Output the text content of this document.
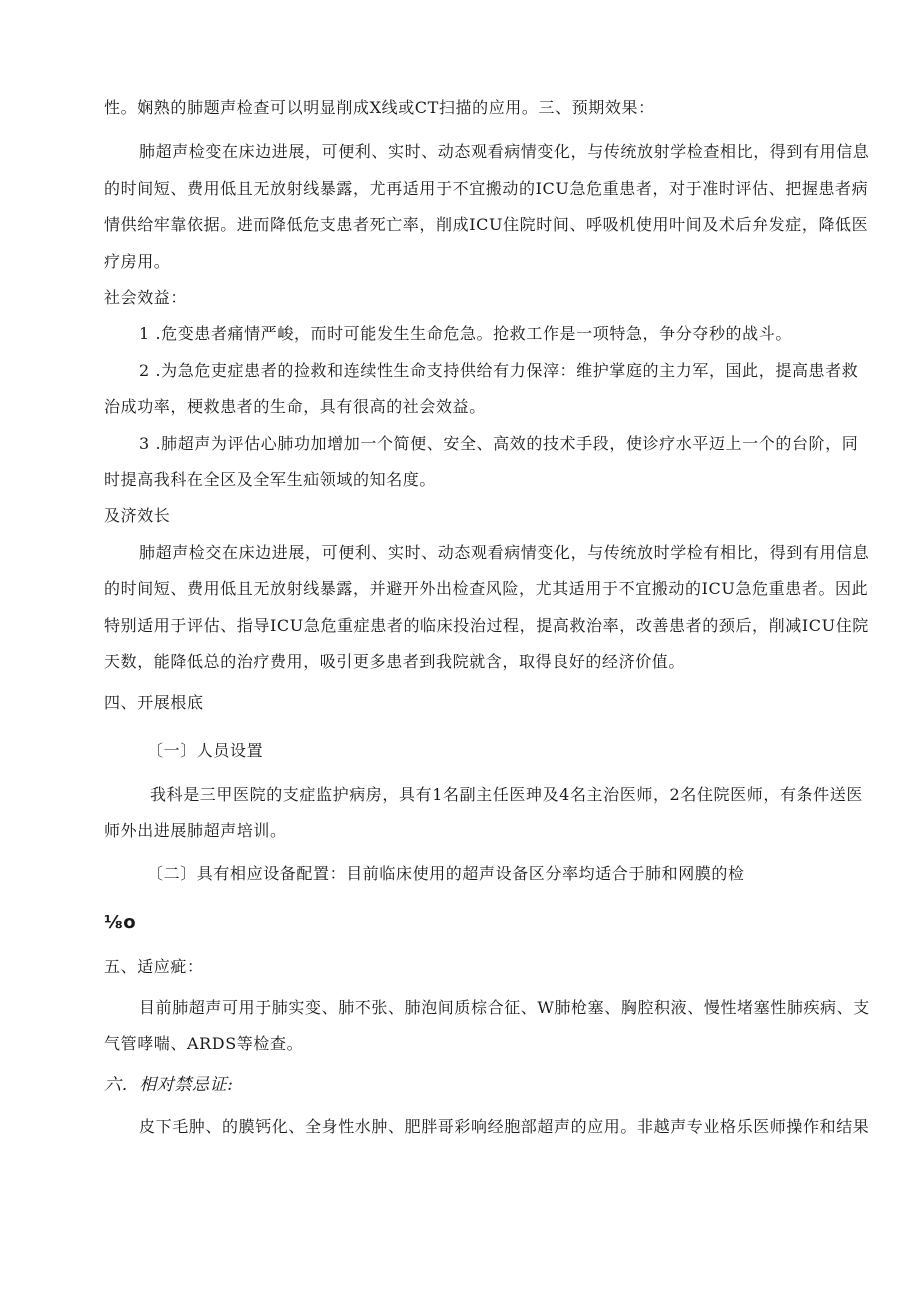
性。娴熟的肺题声检查可以明显削成X线或CT扫描的应用。三、预期效果：
肺超声检变在床边进展，可便利、实时、动态观看病情变化，与传统放射学检查相比，得到有用信息
的时间短、费用低且无放射线暴露，尤再适用于不宜搬动的ICU急危重患者，对于准时评估、把握患者病
情供给牢靠依据。进而降低危支患者死亡率，削成ICU住院时间、呼吸机使用叶间及术后弁发症，降低医
疗房用。
社会效益：
1 .危变患者痛情严峻，而时可能发生生命危急。抢救工作是一项特急，争分夺秒的战斗。
2 .为急危吏症患者的捡救和连续性生命支持供给有力保滓：维护掌庭的主力军，国此，提高患者救
治成功率，梗救患者的生命，具有很高的社会效益。
3 .肺超声为评估心肺功加增加一个简便、安全、高效的技术手段，使诊疗水平迈上一个的台阶，同
时提高我科在全区及全军生疝领域的知名度。
及济效长
肺超声检交在床边进展，可便利、实时、动态观看病情变化，与传统放时学检有相比，得到有用信息
的时间短、费用低且无放射线暴露，并避开外出检查风险，尤其适用于不宜搬动的ICU急危重患者。因此
特别适用于评估、指导ICU急危重症患者的临床投治过程，提高救治率，改善患者的颈后，削减ICU住院
天数，能降低总的治疗费用，吸引更多患者到我院就含，取得良好的经济价值。
四、开展根底
〔一〕人员设置
我科是三甲医院的支症监护病房，具有1名副主任医珅及4名主治医师，2名住院医师，有条件送医
师外出进展肺超声培训。
〔二〕具有相应设备配置：目前临床使用的超声设备区分率均适合于肺和网膜的检
⅛o
五、适应疵：
目前肺超声可用于肺实变、肺不张、肺泡间质棕合征、W肺枪塞、胸腔积液、慢性堵塞性肺疾病、支
气管哮喘、ARDS等检查。
六．相对禁忌证:
皮下毛肿、的膜钙化、全身性水肿、肥胖哥彩响经胞部超声的应用。非越声专业格乐医师操作和结果
